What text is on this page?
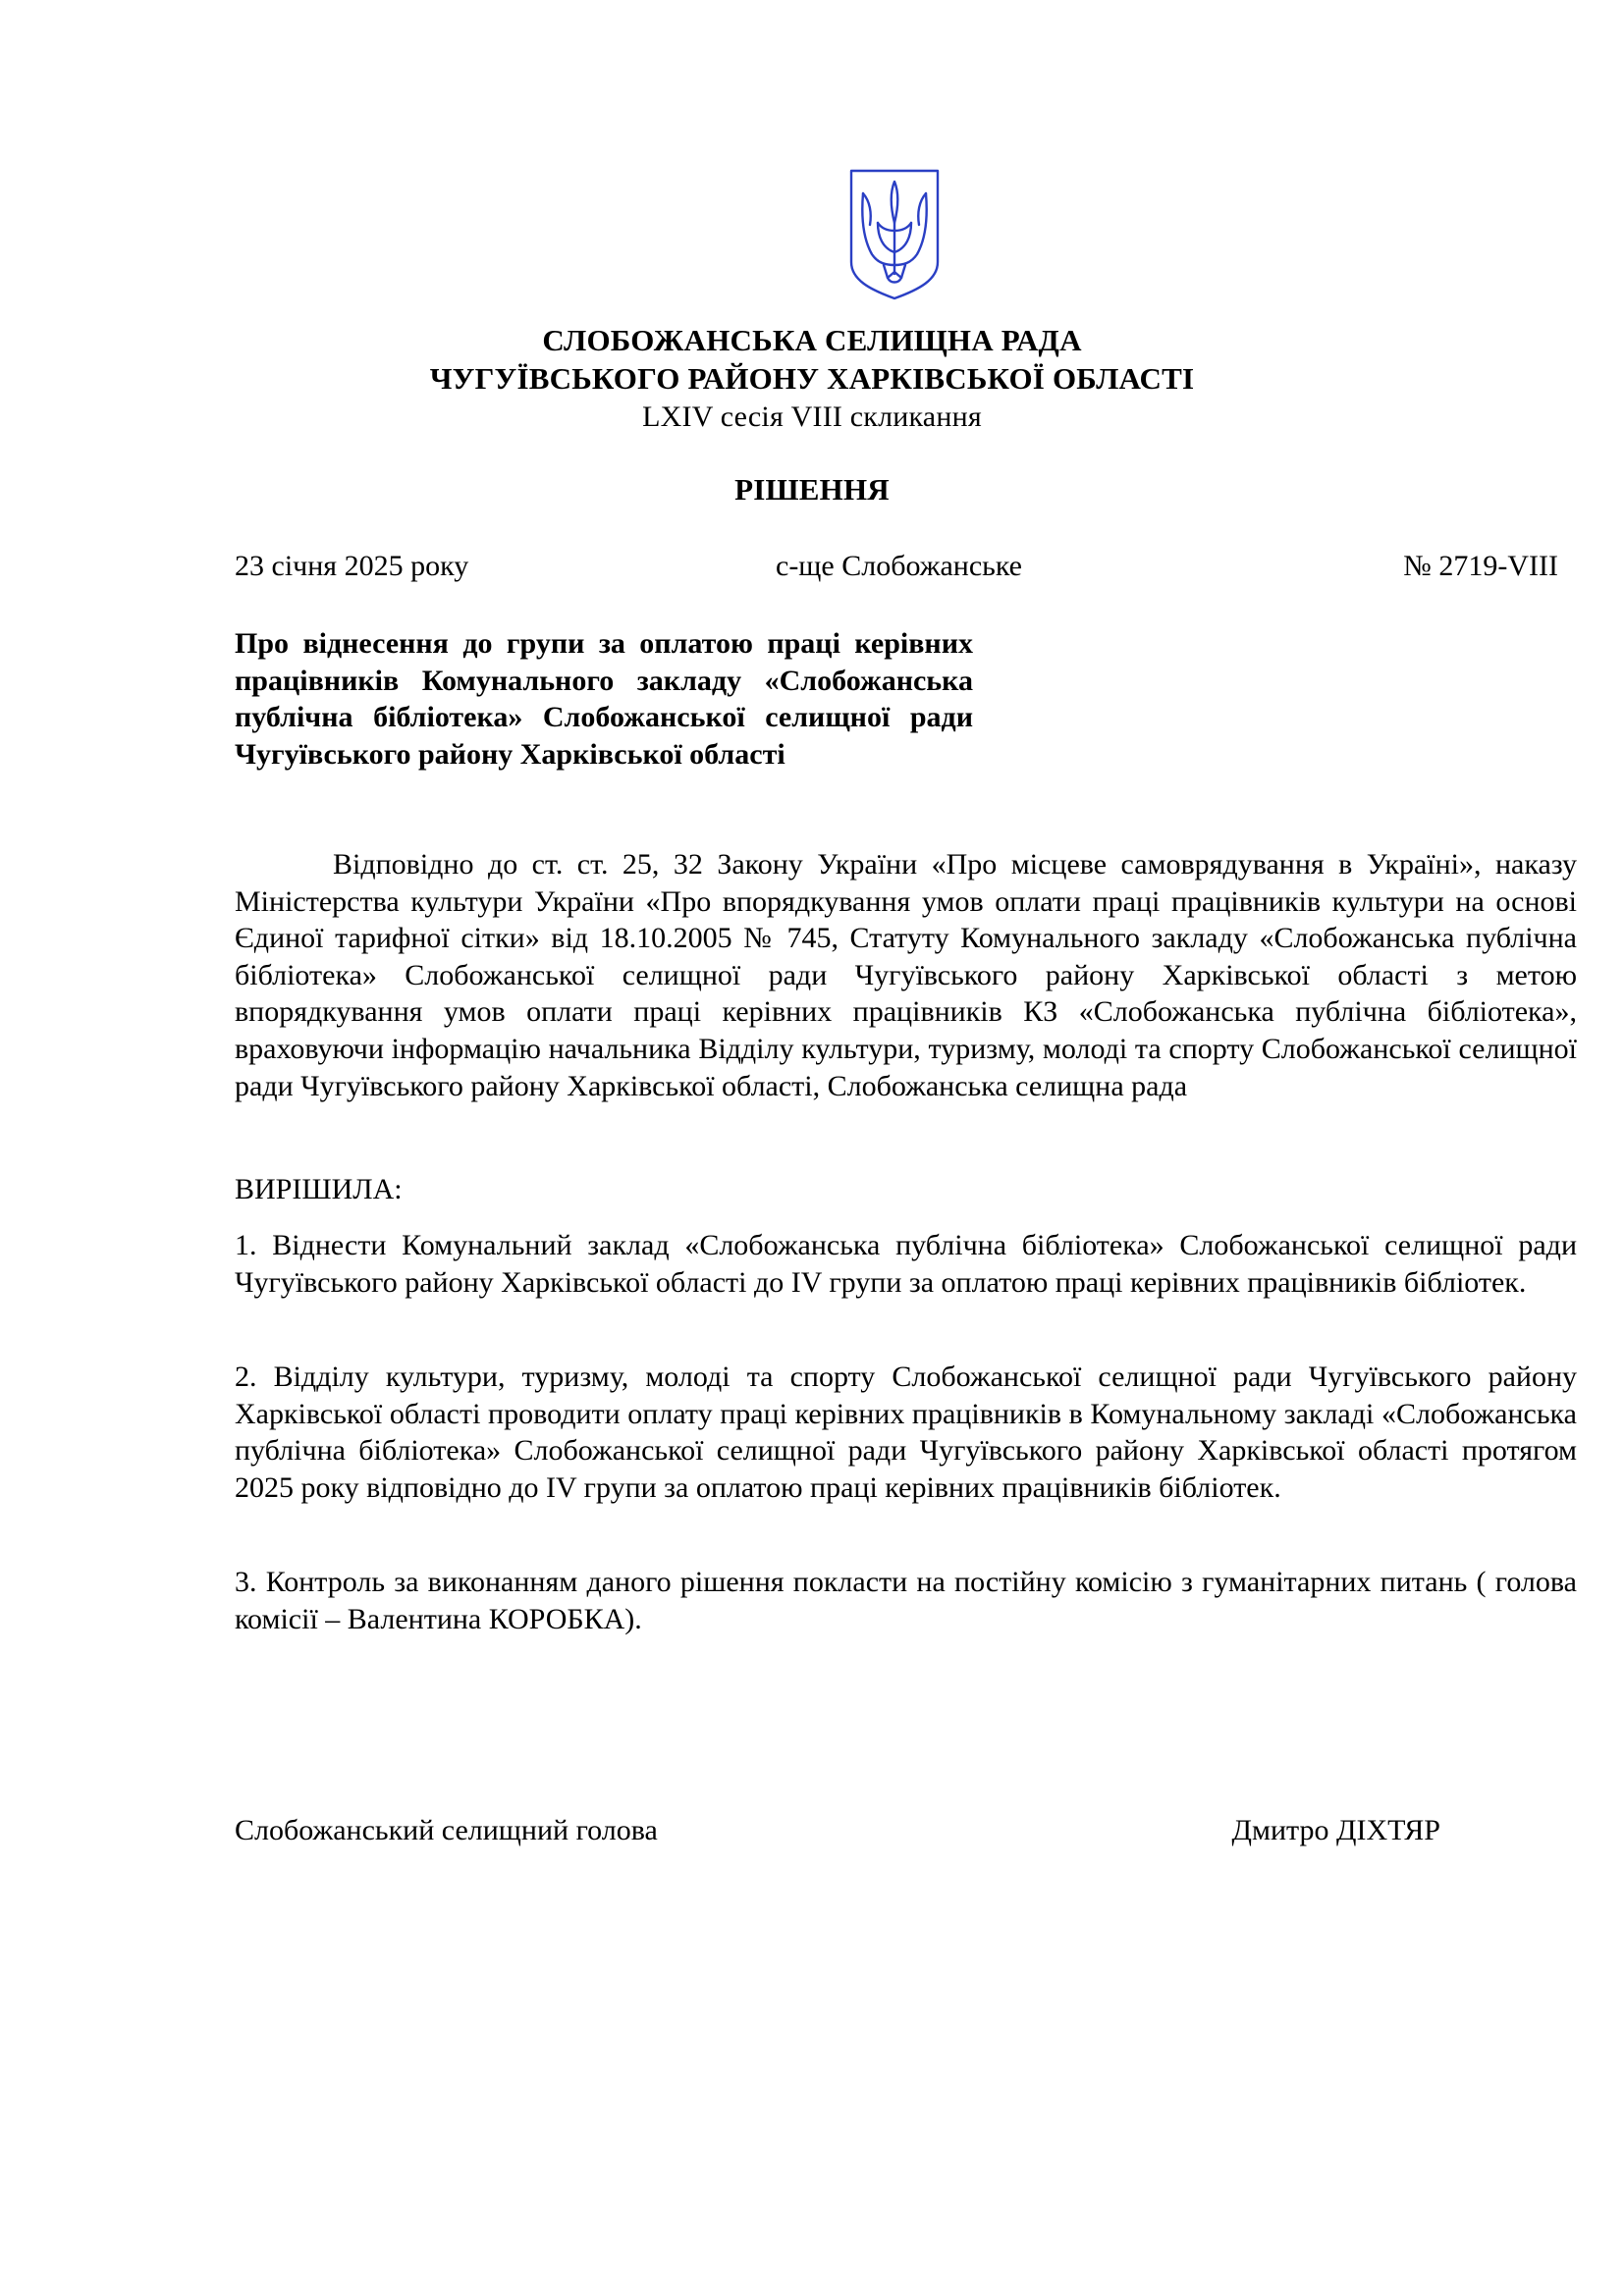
СЛОБОЖАНСЬКА СЕЛИЩНА РАДА
ЧУГУЇВСЬКОГО РАЙОНУ ХАРКІВСЬКОЇ ОБЛАСТІ
LXIV сесія VIII скликання
РІШЕННЯ
23 січня 2025 року	с-ще Слобожанське	№ 2719-VIII
Про віднесення до групи за оплатою праці керівних працівників Комунального закладу «Слобожанська публічна бібліотека» Слобожанської селищної ради Чугуївського району Харківської області

Відповідно до ст. ст. 25, 32 Закону України «Про місцеве самоврядування в Україні», наказу Міністерства культури України «Про впорядкування умов оплати праці працівників культури на основі Єдиної тарифної сітки» від 18.10.2005 № 745, Статуту Комунального закладу «Слобожанська публічна бібліотека» Слобожанської селищної ради Чугуївського району Харківської області з метою впорядкування умов оплати праці керівних працівників КЗ «Слобожанська публічна бібліотека», враховуючи інформацію начальника Відділу культури, туризму, молоді та спорту Слобожанської селищної ради Чугуївського району Харківської області, Слобожанська селищна рада

ВИРІШИЛА:

1. Віднести Комунальний заклад «Слобожанська публічна бібліотека» Слобожанської селищної ради Чугуївського району Харківської області до IV групи за оплатою праці керівних працівників бібліотек.

2. Відділу культури, туризму, молоді та спорту Слобожанської селищної ради Чугуївського району Харківської області проводити оплату праці керівних працівників в Комунальному закладі «Слобожанська публічна бібліотека» Слобожанської селищної ради Чугуївського району Харківської області протягом 2025 року відповідно до IV групи за оплатою праці керівних працівників бібліотек.

3. Контроль за виконанням даного рішення покласти на постійну комісію з гуманітарних питань ( голова комісії – Валентина КОРОБКА).

Слобожанський селищний голова	Дмитро ДІХТЯР
